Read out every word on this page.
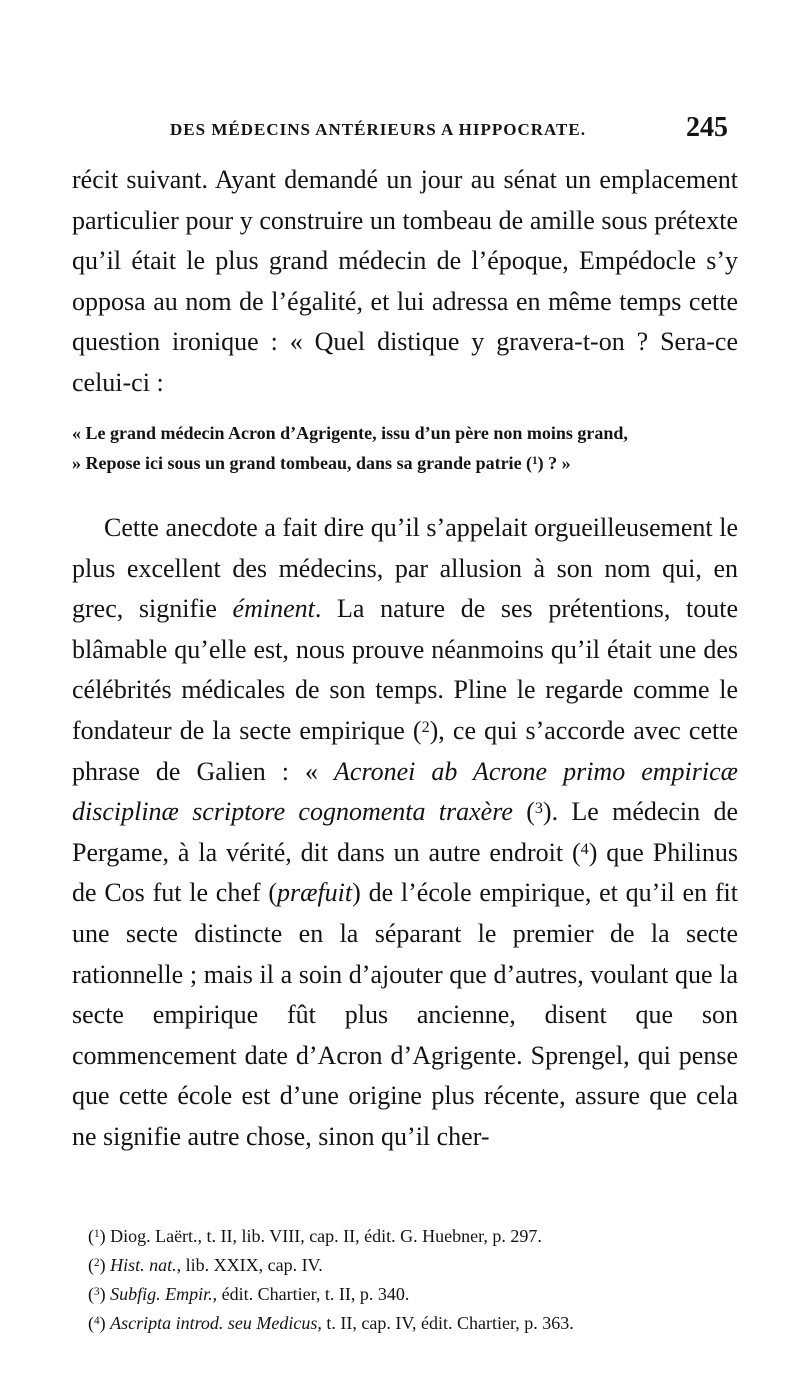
DES MÉDECINS ANTÉRIEURS A HIPPOCRATE.	245
récit suivant. Ayant demandé un jour au sénat un emplacement particulier pour y construire un tombeau de amille sous prétexte qu’il était le plus grand médecin de l’époque, Empédocle s’y opposa au nom de l’égalité, et lui adressa en même temps cette question ironique : « Quel distique y gravera-t-on ? Sera-ce celui-ci :
« Le grand médecin Acron d’Agrigente, issu d’un père non moins grand,
» Repose ici sous un grand tombeau, dans sa grande patrie ($^1$) ? »
Cette anecdote a fait dire qu’il s’appelait orgueilleusement le plus excellent des médecins, par allusion à son nom qui, en grec, signifie éminent. La nature de ses prétentions, toute blâmable qu’elle est, nous prouve néanmoins qu’il était une des célébrités médicales de son temps. Pline le regarde comme le fondateur de la secte empirique ($^2$), ce qui s’accorde avec cette phrase de Galien : « Acronei ab Acrone primo empiricæ disciplinæ scriptore cognomenta traxère ($^3$). Le médecin de Pergame, à la vérité, dit dans un autre endroit ($^4$) que Philinus de Cos fut le chef (præfuit) de l’école empirique, et qu’il en fit une secte distincte en la séparant le premier de la secte rationnelle ; mais il a soin d’ajouter que d’autres, voulant que la secte empirique fût plus ancienne, disent que son commencement date d’Acron d’Agrigente. Sprengel, qui pense que cette école est d’une origine plus récente, assure que cela ne signifie autre chose, sinon qu’il cher-
($^1$) Diog. Laërt., t. II, lib. VIII, cap. II, édit. G. Huebner, p. 297.
($^2$) Hist. nat., lib. XXIX, cap. IV.
($^3$) Subfig. Empir., édit. Chartier, t. II, p. 340.
($^4$) Ascripta introd. seu Medicus, t. II, cap. IV, édit. Chartier, p. 363.
